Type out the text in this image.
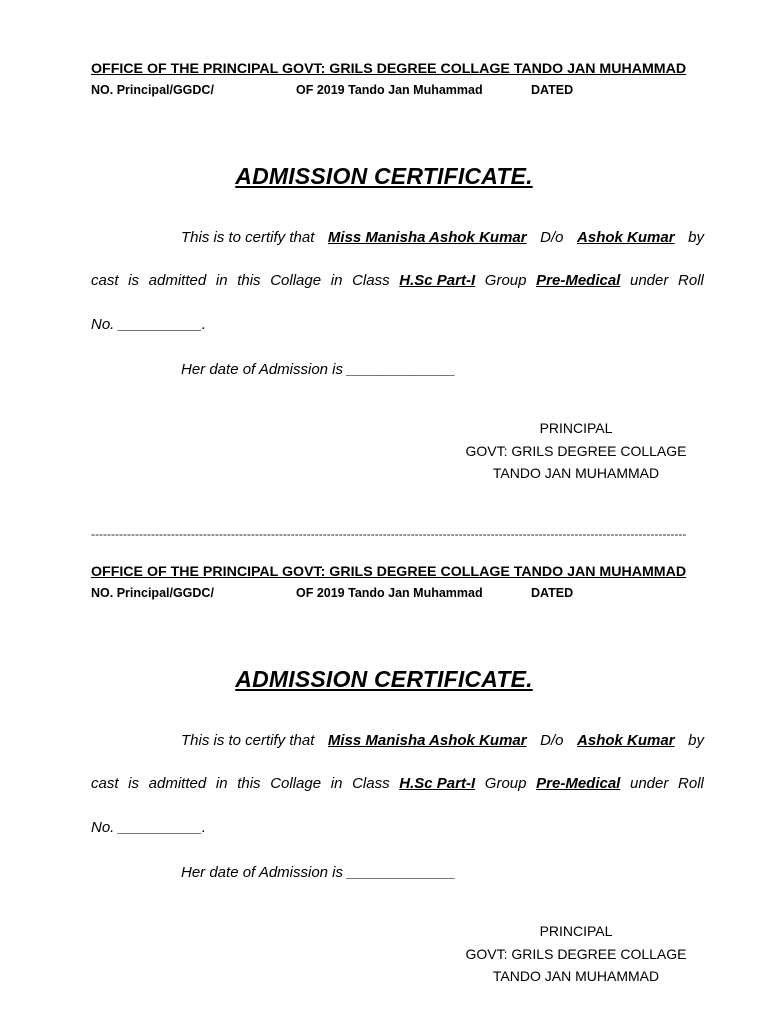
OFFICE OF THE PRINCIPAL GOVT: GRILS DEGREE COLLAGE TANDO JAN MUHAMMAD
NO. Principal/GGDC/	OF 2019 Tando Jan Muhammad	DATED
ADMISSION CERTIFICATE.
This is to certify that Miss Manisha Ashok Kumar D/o Ashok Kumar by
cast is admitted in this Collage in Class H.Sc Part-I Group Pre-Medical under Roll
No. __________.
Her date of Admission is _____________
PRINCIPAL
GOVT: GRILS DEGREE COLLAGE
TANDO JAN MUHAMMAD
-----------------------------------------------------------------------------------------------------------------------------------------------------
OFFICE OF THE PRINCIPAL GOVT: GRILS DEGREE COLLAGE TANDO JAN MUHAMMAD
NO. Principal/GGDC/	OF 2019 Tando Jan Muhammad	DATED
ADMISSION CERTIFICATE.
This is to certify that Miss Manisha Ashok Kumar D/o Ashok Kumar by
cast is admitted in this Collage in Class H.Sc Part-I Group Pre-Medical under Roll
No. __________.
Her date of Admission is _____________
PRINCIPAL
GOVT: GRILS DEGREE COLLAGE
TANDO JAN MUHAMMAD
